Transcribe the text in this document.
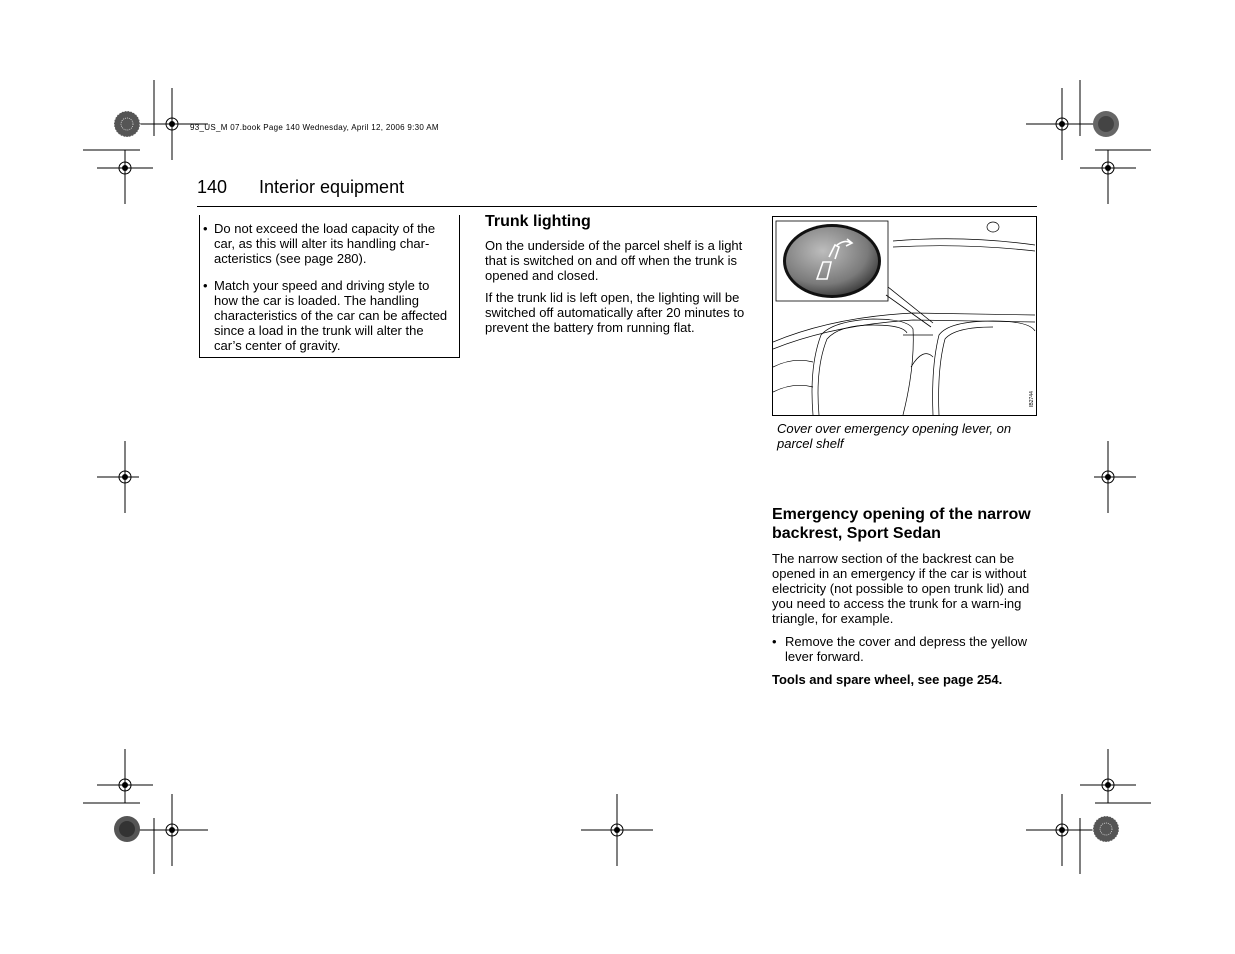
93_US_M 07.book Page 140 Wednesday, April 12, 2006 9:30 AM
140 Interior equipment
• Do not exceed the load capacity of the car, as this will alter its handling char-acteristics (see page 280).
• Match your speed and driving style to how the car is loaded. The handling characteristics of the car can be affected since a load in the trunk will alter the car’s center of gravity.
Trunk lighting

On the underside of the parcel shelf is a light that is switched on and off when the trunk is opened and closed.

If the trunk lid is left open, the lighting will be switched off automatically after 20 minutes to prevent the battery from running flat.

IB2744
Cover over emergency opening lever, on parcel shelf
Emergency opening of the narrow backrest, Sport Sedan

The narrow section of the backrest can be opened in an emergency if the car is without electricity (not possible to open trunk lid) and you need to access the trunk for a warn-ing triangle, for example.

• Remove the cover and depress the yellow lever forward.

Tools and spare wheel, see page 254.
